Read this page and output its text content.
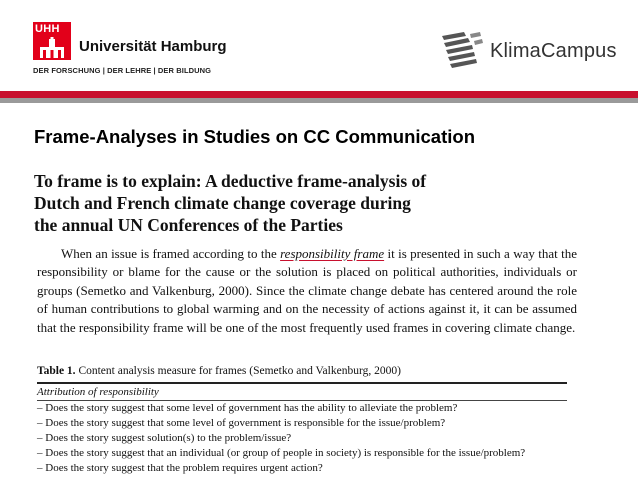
UHH
Universität Hamburg
DER FORSCHUNG | DER LEHRE | DER BILDUNG
KlimaCampus
Frame-Analyses in Studies on CC Communication
To frame is to explain: A deductive frame-analysis of
Dutch and French climate change coverage during
the annual UN Conferences of the Parties
When an issue is framed according to the responsibility frame it is presented in such a way that the responsibility or blame for the cause or the solution is placed on political authorities, individuals or groups (Semetko and Valkenburg, 2000). Since the climate change debate has centered around the role of human contributions to global warming and on the necessity of actions against it, it can be assumed that the responsibility frame will be one of the most frequently used frames in covering climate change.
Table 1. Content analysis measure for frames (Semetko and Valkenburg, 2000)
Attribution of responsibility
– Does the story suggest that some level of government has the ability to alleviate the problem?
– Does the story suggest that some level of government is responsible for the issue/problem?
– Does the story suggest solution(s) to the problem/issue?
– Does the story suggest that an individual (or group of people in society) is responsible for the issue/problem?
– Does the story suggest that the problem requires urgent action?
